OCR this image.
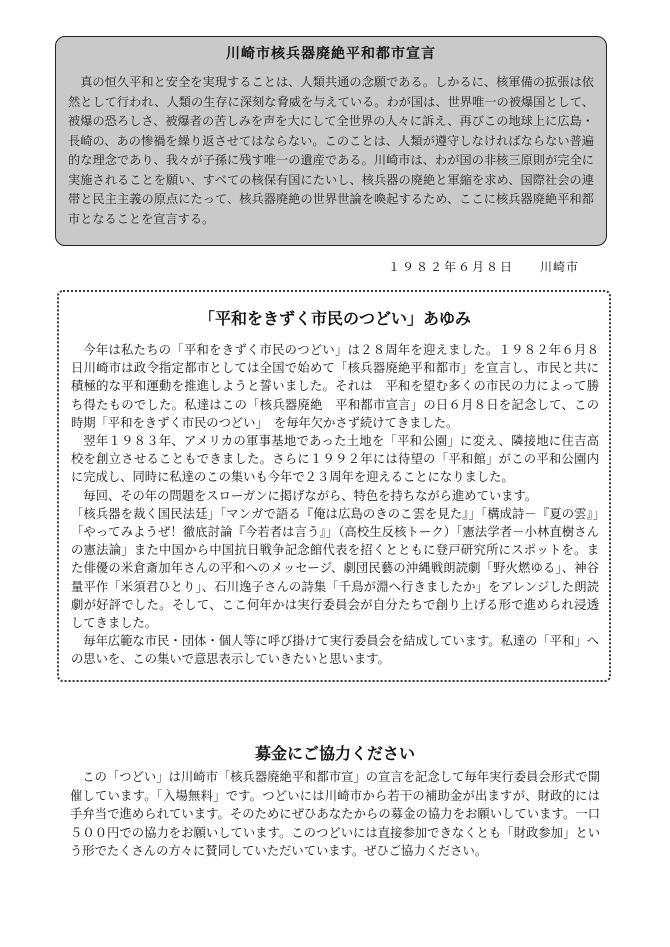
川崎市核兵器廃絶平和都市宣言

真の恒久平和と安全を実現することは、人類共通の念願である。しかるに、核軍備の拡張は依然として行われ、人類の生存に深刻な脅威を与えている。わが国は、世界唯一の被爆国として、被爆の恐ろしさ、被爆者の苦しみを声を大にして全世界の人々に訴え、再びこの地球上に広島・長崎の、あの惨禍を繰り返させてはならない。このことは、人類が遵守しなければならない普遍的な理念であり、我々が子孫に残す唯一の遺産である。川崎市は、わが国の非核三原則が完全に実施されることを願い、すべての核保有国にたいし、核兵器の廃絶と軍縮を求め、国際社会の連帯と民主主義の原点にたって、核兵器廃絶の世界世論を喚起するため、ここに核兵器廃絶平和都市となることを宣言する。

１９８２年６月８日 川崎市
「平和をきずく市民のつどい」あゆみ

今年は私たちの「平和をきずく市民のつどい」は２８周年を迎えました。１９８２年６月８日川崎市は政令指定都市としては全国で始めて「核兵器廃絶平和都市」を宣言し、市民と共に積極的な平和運動を推進しようと誓いました。それは　平和を望む多くの市民の力によって勝ち得たものでした。私達はこの「核兵器廃絶　平和都市宣言」の日６月８日を記念して、この時期「平和をきずく市民のつどい」　を毎年欠かさず続けてきました。

翌年１９８３年、アメリカの軍事基地であった土地を「平和公園」に変え、隣接地に住吉高校を創立させることもできました。さらに１９９２年には待望の「平和館」がこの平和公園内に完成し、同時に私達のこの集いも今年で２３周年を迎えることになりました。

毎回、その年の問題をスローガンに掲げながら、特色を持ちながら進めています。

「核兵器を裁く国民法廷」「マンガで語る『俺は広島のきのこ雲を見た』」「構成詩－『夏の雲』」「やってみようぜ！徹底討論『今若者は言う』」（高校生反核トーク）「憲法学者－小林直樹さんの憲法論」また中国から中国抗日戦争記念館代表を招くとともに登戸研究所にスポットを。また俳優の米倉斎加年さんの平和へのメッセージ、劇団民藝の沖縄戦朗読劇「野火燃ゆる」、神谷量平作「米須君ひとり」、石川逸子さんの詩集「千鳥が淵へ行きましたか」をアレンジした朗読劇が好評でした。そして、ここ何年かは実行委員会が自分たちで創り上げる形で進められ浸透してきました。

毎年広範な市民・団体・個人等に呼び掛けて実行委員会を結成しています。私達の「平和」への思いを、この集いで意思表示していきたいと思います。

募金にご協力ください

この「つどい」は川崎市「核兵器廃絶平和都市宣」の宣言を記念して毎年実行委員会形式で開催しています。「入場無料」です。つどいには川崎市から若干の補助金が出ますが、財政的には手弁当で進められています。そのためにぜひあなたからの募金の協力をお願いしています。一口５００円での協力をお願いしています。このつどいには直接参加できなくとも「財政参加」という形でたくさんの方々に賛同していただいています。ぜひご協力ください。
